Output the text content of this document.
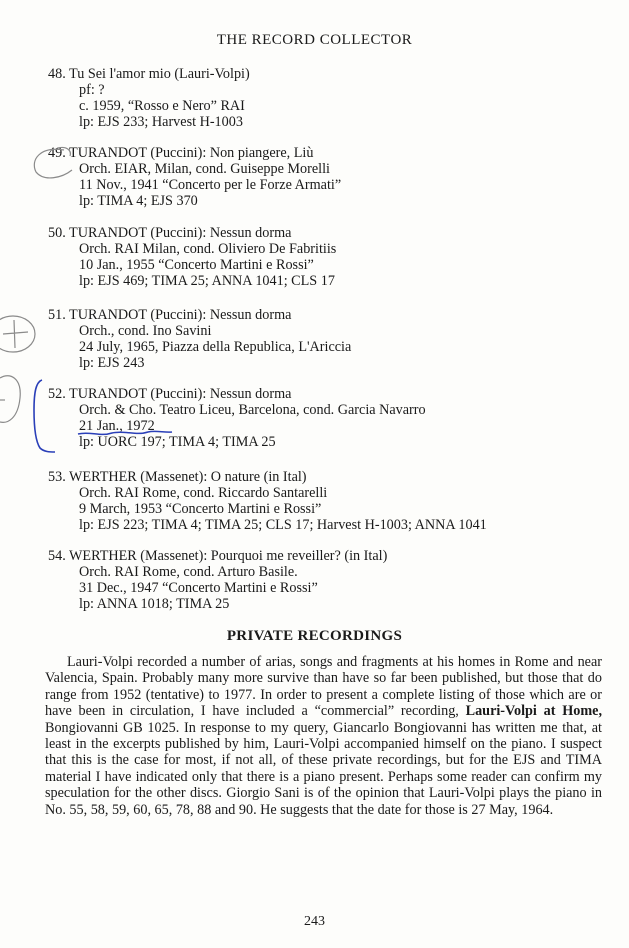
THE RECORD COLLECTOR
48. Tu Sei l'amor mio (Lauri-Volpi)
pf: ?
c. 1959, “Rosso e Nero” RAI
lp: EJS 233; Harvest H-1003
49. TURANDOT (Puccini): Non piangere, Liù
Orch. EIAR, Milan, cond. Guiseppe Morelli
11 Nov., 1941 “Concerto per le Forze Armati”
lp: TIMA 4; EJS 370
50. TURANDOT (Puccini): Nessun dorma
Orch. RAI Milan, cond. Oliviero De Fabritiis
10 Jan., 1955 “Concerto Martini e Rossi”
lp: EJS 469; TIMA 25; ANNA 1041; CLS 17
51. TURANDOT (Puccini): Nessun dorma
Orch., cond. Ino Savini
24 July, 1965, Piazza della Republica, L'Ariccia
lp: EJS 243
52. TURANDOT (Puccini): Nessun dorma
Orch. & Cho. Teatro Liceu, Barcelona, cond. Garcia Navarro
21 Jan., 1972
lp: UORC 197; TIMA 4; TIMA 25
53. WERTHER (Massenet): O nature (in Ital)
Orch. RAI Rome, cond. Riccardo Santarelli
9 March, 1953 “Concerto Martini e Rossi”
lp: EJS 223; TIMA 4; TIMA 25; CLS 17; Harvest H-1003; ANNA 1041
54. WERTHER (Massenet): Pourquoi me reveiller? (in Ital)
Orch. RAI Rome, cond. Arturo Basile.
31 Dec., 1947 “Concerto Martini e Rossi”
lp: ANNA 1018; TIMA 25
PRIVATE RECORDINGS

Lauri-Volpi recorded a number of arias, songs and fragments at his homes in Rome and near Valencia, Spain. Probably many more survive than have so far been published, but those that do range from 1952 (tentative) to 1977. In order to present a complete listing of those which are or have been in circulation, I have included a “commercial” recording, Lauri-Volpi at Home, Bongiovanni GB 1025. In response to my query, Giancarlo Bongiovanni has written me that, at least in the excerpts published by him, Lauri-Volpi accompanied himself on the piano. I suspect that this is the case for most, if not all, of these private recordings, but for the EJS and TIMA material I have indicated only that there is a piano present. Perhaps some reader can confirm my speculation for the other discs. Giorgio Sani is of the opinion that Lauri-Volpi plays the piano in No. 55, 58, 59, 60, 65, 78, 88 and 90. He suggests that the date for those is 27 May, 1964.

243
